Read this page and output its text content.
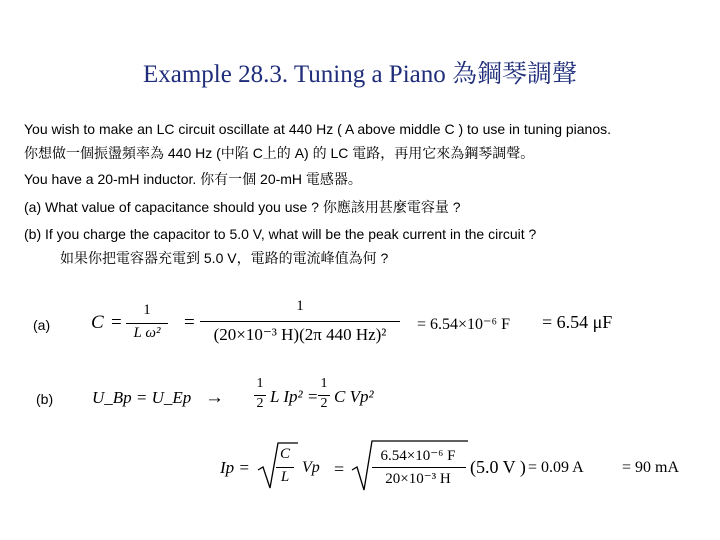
Example 28.3. Tuning a Piano 為鋼琴調聲
You wish to make an LC circuit oscillate at 440 Hz ( A above middle C ) to use in tuning pianos.
你想做一個振盪頻率為 440 Hz (中陷 C上的 A) 的 LC 電路，再用它來為鋼琴調聲。
You have a 20-mH inductor. 你有一個 20-mH 電感器。
(a) What value of capacitance should you use ? 你應該用甚麼電容量 ?
(b) If you charge the capacitor to 5.0 V, what will be the peak current in the circuit ?
如果你把電容器充電到 5.0 V，電路的電流峰值為何 ?
(a) C =
1
L ω²	=
1
(20×10⁻³ H)(2π 440 Hz)²
= 6.54×10⁻⁶ F = 6.54 μF
(b) U_Bp = U_Ep →
1
2 L Ip² =
1
2 C Vp²
Ip =
C
L
Vp =
6.54×10⁻⁶ F
20×10⁻³ H
(5.0 V ) = 0.09 A = 90 mA
